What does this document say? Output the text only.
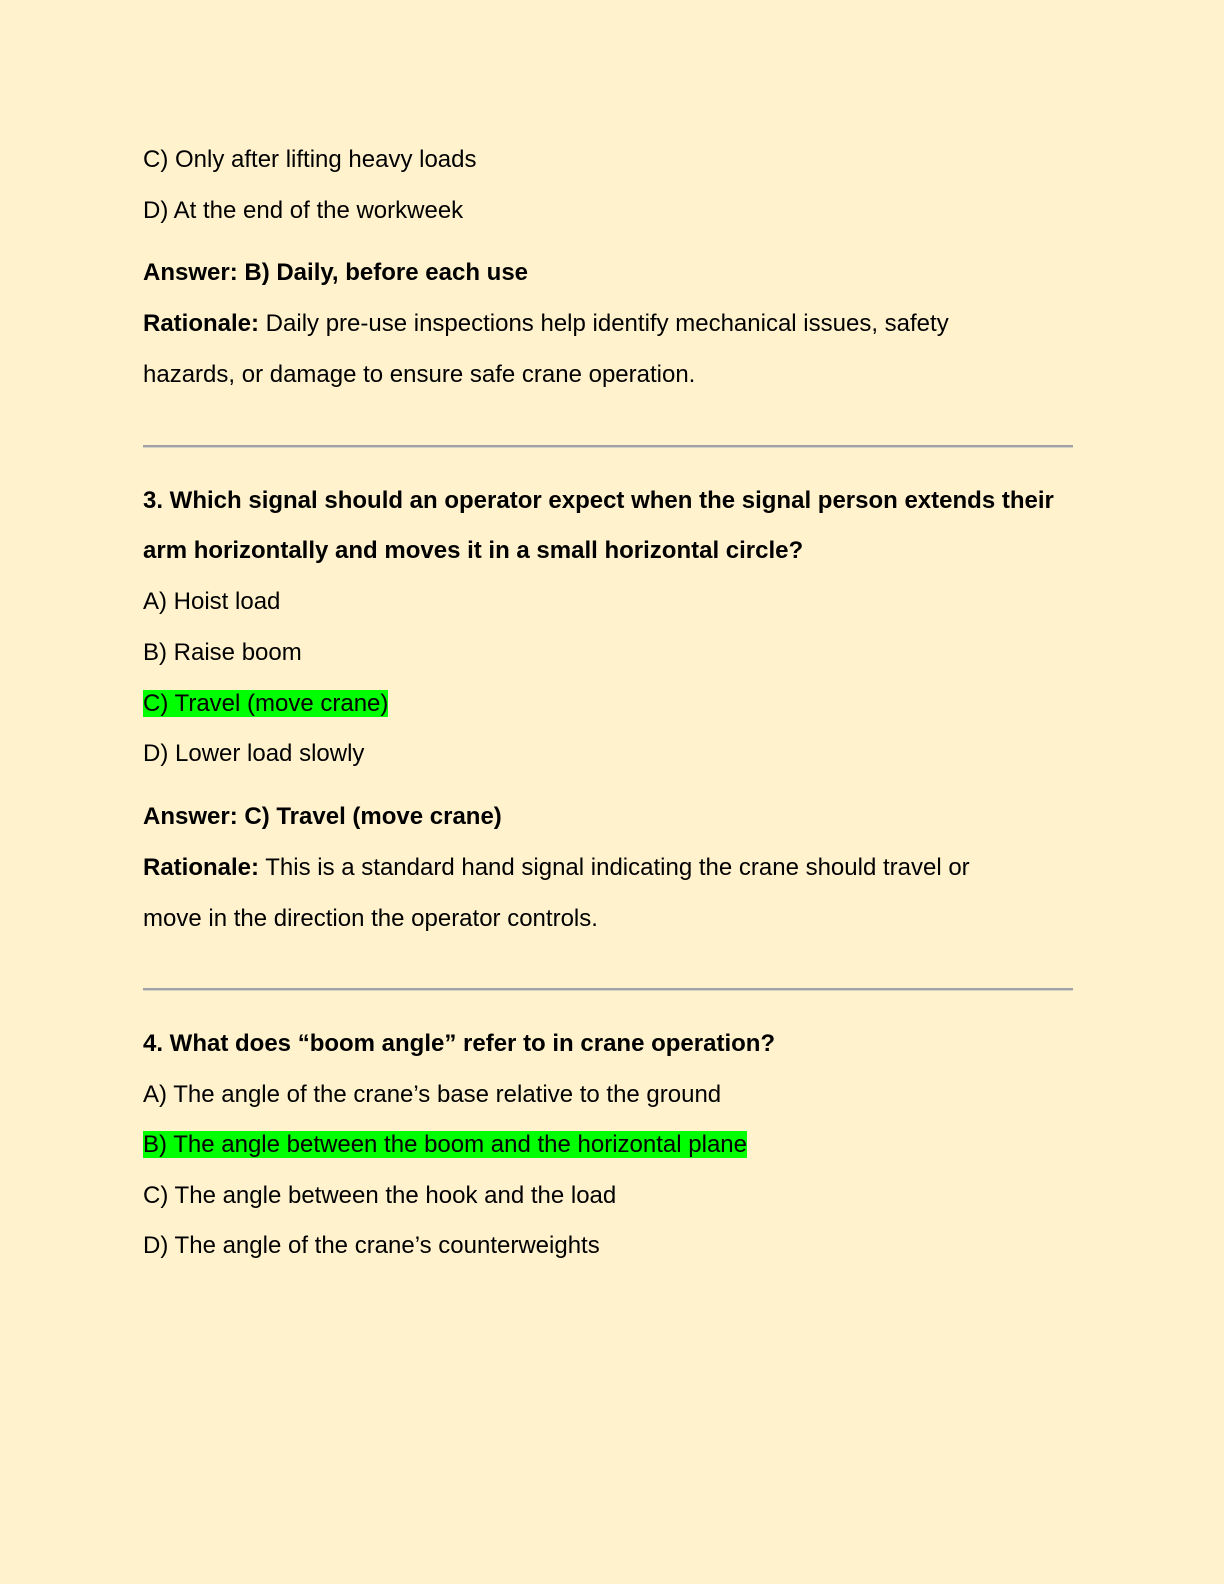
C) Only after lifting heavy loads
D) At the end of the workweek
Answer: B) Daily, before each use
Rationale: Daily pre-use inspections help identify mechanical issues, safety
hazards, or damage to ensure safe crane operation.
3. Which signal should an operator expect when the signal person extends their
arm horizontally and moves it in a small horizontal circle?
A) Hoist load
B) Raise boom
C) Travel (move crane)
D) Lower load slowly
Answer: C) Travel (move crane)
Rationale: This is a standard hand signal indicating the crane should travel or
move in the direction the operator controls.
4. What does “boom angle” refer to in crane operation?
A) The angle of the crane’s base relative to the ground
B) The angle between the boom and the horizontal plane
C) The angle between the hook and the load
D) The angle of the crane’s counterweights
